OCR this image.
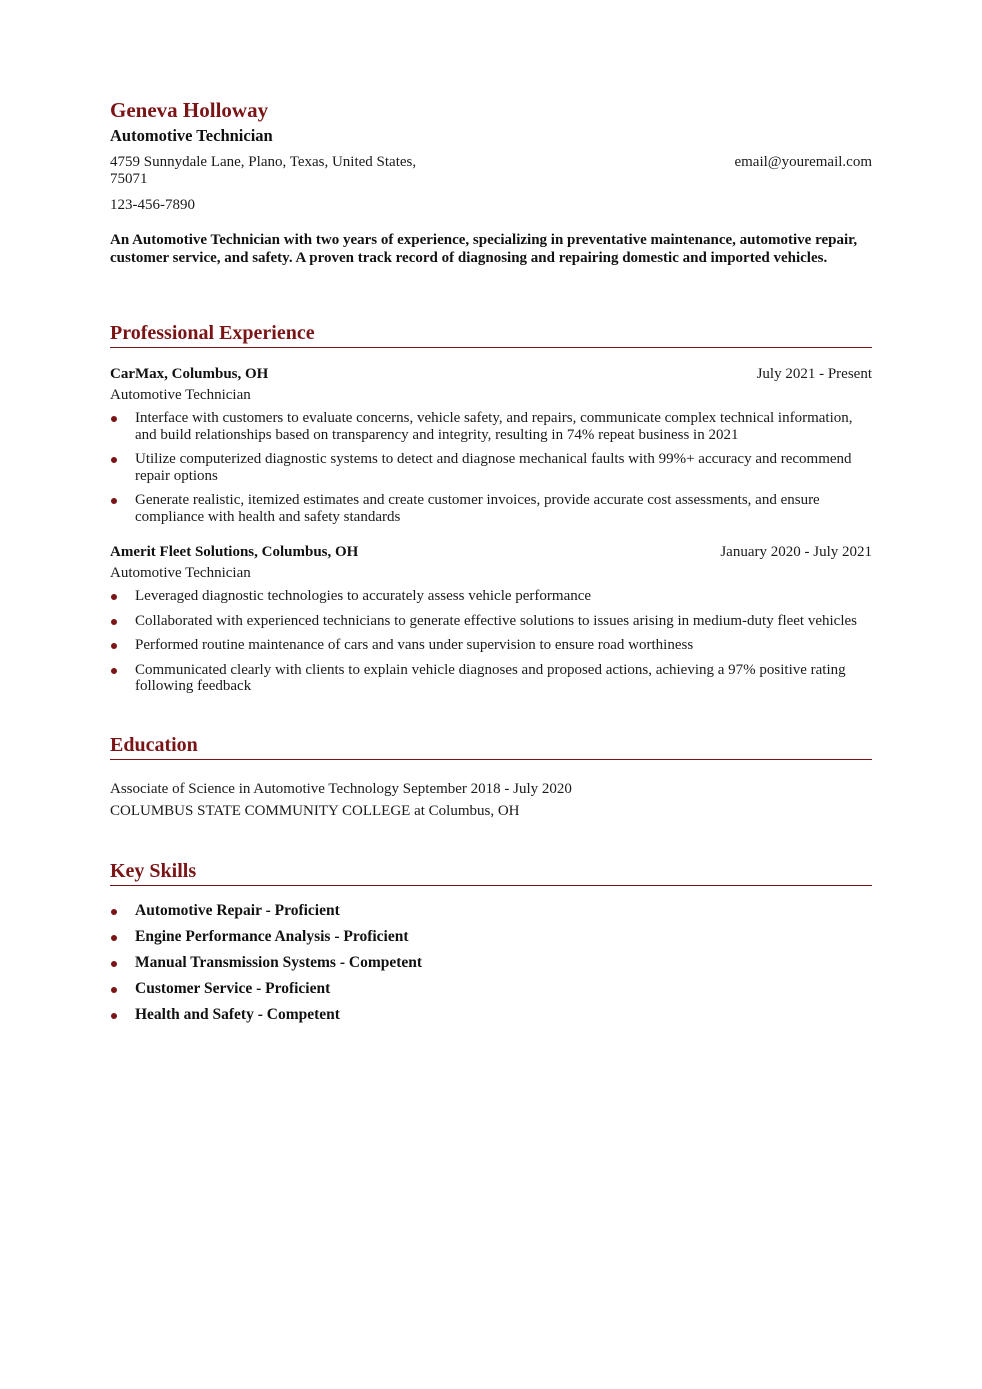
Geneva Holloway
Automotive Technician
4759 Sunnydale Lane, Plano, Texas, United States, 75071
email@youremail.com
123-456-7890
An Automotive Technician with two years of experience, specializing in preventative maintenance, automotive repair, customer service, and safety. A proven track record of diagnosing and repairing domestic and imported vehicles.
Professional Experience
CarMax, Columbus, OH	July 2021 - Present
Automotive Technician
Interface with customers to evaluate concerns, vehicle safety, and repairs, communicate complex technical information, and build relationships based on transparency and integrity, resulting in 74% repeat business in 2021
Utilize computerized diagnostic systems to detect and diagnose mechanical faults with 99%+ accuracy and recommend repair options
Generate realistic, itemized estimates and create customer invoices, provide accurate cost assessments, and ensure compliance with health and safety standards
Amerit Fleet Solutions, Columbus, OH	January 2020 - July 2021
Automotive Technician
Leveraged diagnostic technologies to accurately assess vehicle performance
Collaborated with experienced technicians to generate effective solutions to issues arising in medium-duty fleet vehicles
Performed routine maintenance of cars and vans under supervision to ensure road worthiness
Communicated clearly with clients to explain vehicle diagnoses and proposed actions, achieving a 97% positive rating following feedback
Education
Associate of Science in Automotive Technology September 2018 - July 2020
COLUMBUS STATE COMMUNITY COLLEGE at Columbus, OH
Key Skills
Automotive Repair - Proficient
Engine Performance Analysis - Proficient
Manual Transmission Systems - Competent
Customer Service - Proficient
Health and Safety - Competent
